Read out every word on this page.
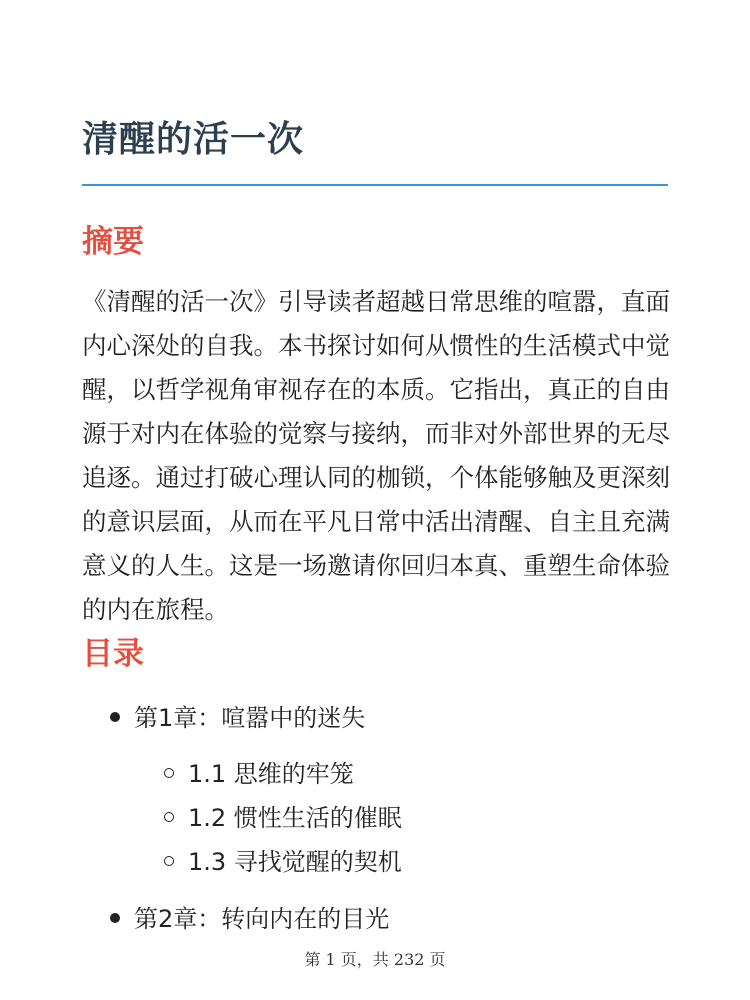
清醒的活一次
摘要

《清醒的活一次》引导读者超越日常思维的喧嚣，直面内心深处的自我。本书探讨如何从惯性的生活模式中觉醒，以哲学视角审视存在的本质。它指出，真正的自由源于对内在体验的觉察与接纳，而非对外部世界的无尽追逐。通过打破心理认同的枷锁，个体能够触及更深刻的意识层面，从而在平凡日常中活出清醒、自主且充满意义的人生。这是一场邀请你回归本真、重塑生命体验的内在旅程。

目录
第1章：喧嚣中的迷失
1.1 思维的牢笼
1.2 惯性生活的催眠
1.3 寻找觉醒的契机
第2章：转向内在的目光
第 1 页，共 232 页
